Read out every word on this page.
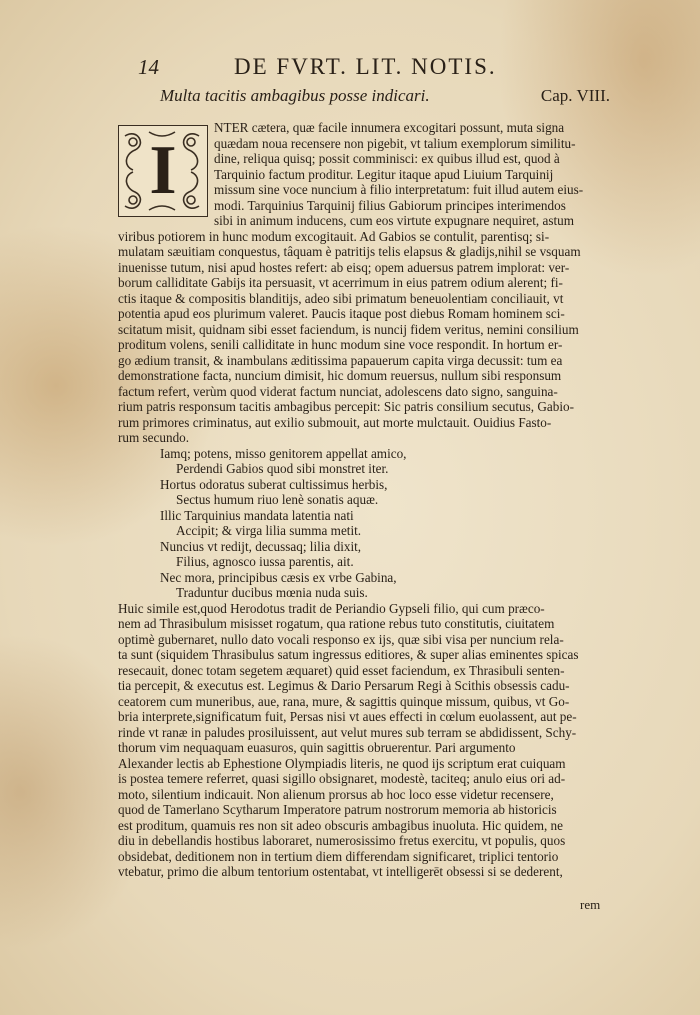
14	DE FVRT. LIT. NOTIS.
Multa tacitis ambagibus posse indicari.	Cap. VIII.
I
NTER cætera, quæ facile innumera excogitari possunt, muta signa
quædam noua recensere non pigebit, vt talium exemplorum similitu-
dine, reliqua quisq; possit comminisci: ex quibus illud est, quod à
Tarquinio factum proditur. Legitur itaque apud Liuium Tarquinij
missum sine voce nuncium à filio interpretatum: fuit illud autem eius-
modi. Tarquinius Tarquinij filius Gabiorum principes interimendos
sibi in animum inducens, cum eos virtute expugnare nequiret, astum
viribus potiorem in hunc modum excogitauit. Ad Gabios se contulit, parentisq; si-
mulatam sæuitiam conquestus, tâquam è patritijs telis elapsus & gladijs,nihil se vsquam
inuenisse tutum, nisi apud hostes refert: ab eisq; opem aduersus patrem implorat: ver-
borum calliditate Gabijs ita persuasit, vt acerrimum in eius patrem odium alerent; fi-
ctis itaque & compositis blanditijs, adeo sibi primatum beneuolentiam conciliauit, vt
potentia apud eos plurimum valeret. Paucis itaque post diebus Romam hominem sci-
scitatum misit, quidnam sibi esset faciendum, is nuncij fidem veritus, nemini consilium
proditum volens, senili calliditate in hunc modum sine voce respondit. In hortum er-
go ædium transit, & inambulans æditissima papauerum capita virga decussit: tum ea
demonstratione facta, nuncium dimisit, hic domum reuersus, nullum sibi responsum
factum refert, verùm quod viderat factum nunciat, adolescens dato signo, sanguina-
rium patris responsum tacitis ambagibus percepit: Sic patris consilium secutus, Gabio-
rum primores criminatus, aut exilio submouit, aut morte mulctauit. Ouidius Fasto-
rum secundo.
Iamq; potens, misso genitorem appellat amico,
Perdendi Gabios quod sibi monstret iter.
Hortus odoratus suberat cultissimus herbis,
Sectus humum riuo lenè sonatis aquæ.
Illic Tarquinius mandata latentia nati
Accipit; & virga lilia summa metit.
Nuncius vt redijt, decussaq; lilia dixit,
Filius, agnosco iussa parentis, ait.
Nec mora, principibus cæsis ex vrbe Gabina,
Traduntur ducibus mœnia nuda suis.
Huic simile est,quod Herodotus tradit de Periandio Gypseli filio, qui cum præco-
nem ad Thrasibulum misisset rogatum, qua ratione rebus tuto constitutis, ciuitatem
optimè gubernaret, nullo dato vocali responso ex ijs, quæ sibi visa per nuncium rela-
ta sunt (siquidem Thrasibulus satum ingressus editiores, & super alias eminentes spicas
resecauit, donec totam segetem æquaret) quid esset faciendum, ex Thrasibuli senten-
tia percepit, & executus est. Legimus & Dario Persarum Regi à Scithis obsessis cadu-
ceatorem cum muneribus, aue, rana, mure, & sagittis quinque missum, quibus, vt Go-
bria interprete,significatum fuit, Persas nisi vt aues effecti in cœlum euolassent, aut pe-
rinde vt ranæ in paludes prosiluissent, aut velut mures sub terram se abdidissent, Schy-
thorum vim nequaquam euasuros, quin sagittis obruerentur. Pari argumento
Alexander lectis ab Ephestione Olympiadis literis, ne quod ijs scriptum erat cuiquam
is postea temere referret, quasi sigillo obsignaret, modestè, taciteq; anulo eius ori ad-
moto, silentium indicauit. Non alienum prorsus ab hoc loco esse videtur recensere,
quod de Tamerlano Scytharum Imperatore patrum nostrorum memoria ab historicis
est proditum, quamuis res non sit adeo obscuris ambagibus inuoluta. Hic quidem, ne
diu in debellandis hostibus laboraret, numerosissimo fretus exercitu, vt populis, quos
obsidebat, deditionem non in tertium diem differendam significaret, triplici tentorio
vtebatur, primo die album tentorium ostentabat, vt intelligerēt obsessi si se dederent,
rem
